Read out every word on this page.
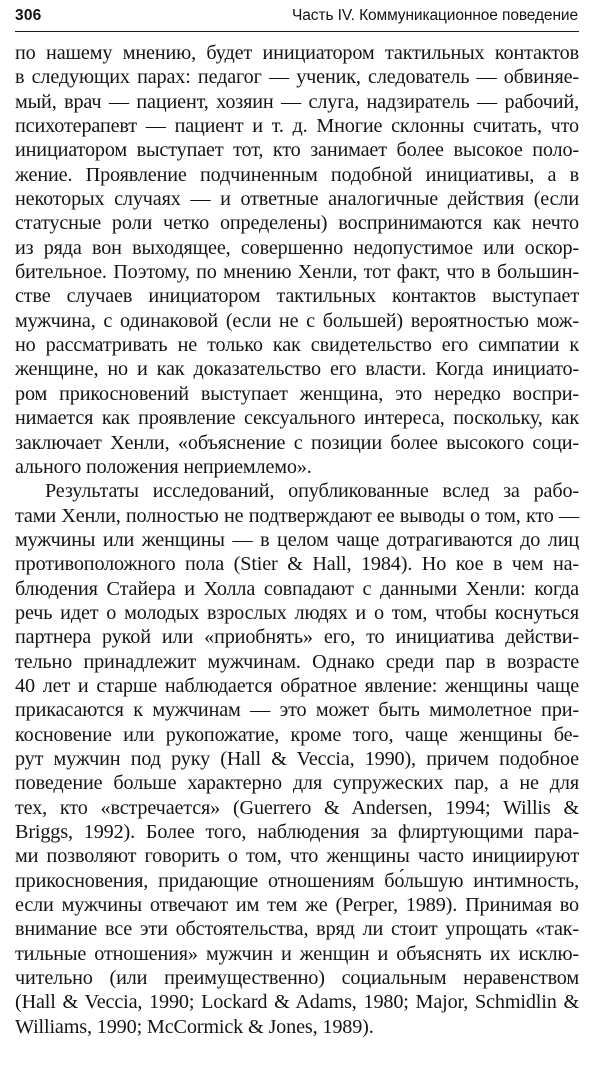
306	Часть IV. Коммуникационное поведение
по нашему мнению, будет инициатором тактильных контактов
в следующих парах: педагог — ученик, следователь — обвиняе-
мый, врач — пациент, хозяин — слуга, надзиратель — рабочий,
психотерапевт — пациент и т. д. Многие склонны считать, что
инициатором выступает тот, кто занимает более высокое поло-
жение. Проявление подчиненным подобной инициативы, а в
некоторых случаях — и ответные аналогичные действия (если
статусные роли четко определены) воспринимаются как нечто
из ряда вон выходящее, совершенно недопустимое или оскор-
бительное. Поэтому, по мнению Хенли, тот факт, что в большин-
стве случаев инициатором тактильных контактов выступает
мужчина, с одинаковой (если не с большей) вероятностью мож-
но рассматривать не только как свидетельство его симпатии к
женщине, но и как доказательство его власти. Когда инициато-
ром прикосновений выступает женщина, это нередко воспри-
нимается как проявление сексуального интереса, поскольку, как
заключает Хенли, «объяснение с позиции более высокого соци-
ального положения неприемлемо».
Результаты исследований, опубликованные вслед за рабо-
тами Хенли, полностью не подтверждают ее выводы о том, кто —
мужчины или женщины — в целом чаще дотрагиваются до лиц
противоположного пола (Stier & Hall, 1984). Но кое в чем на-
блюдения Стайера и Холла совпадают с данными Хенли: когда
речь идет о молодых взрослых людях и о том, чтобы коснуться
партнера рукой или «приобнять» его, то инициатива действи-
тельно принадлежит мужчинам. Однако среди пар в возрасте
40 лет и старше наблюдается обратное явление: женщины чаще
прикасаются к мужчинам — это может быть мимолетное при-
косновение или рукопожатие, кроме того, чаще женщины бе-
рут мужчин под руку (Hall & Veccia, 1990), причем подобное
поведение больше характерно для супружеских пар, а не для
тех, кто «встречается» (Guerrero & Andersen, 1994; Willis &
Briggs, 1992). Более того, наблюдения за флиртующими пара-
ми позволяют говорить о том, что женщины часто инициируют
прикосновения, придающие отношениям бо́льшую интимность,
если мужчины отвечают им тем же (Perper, 1989). Принимая во
внимание все эти обстоятельства, вряд ли стоит упрощать «так-
тильные отношения» мужчин и женщин и объяснять их исклю-
чительно (или преимущественно) социальным неравенством
(Hall & Veccia, 1990; Lockard & Adams, 1980; Major, Schmidlin &
Williams, 1990; McCormick & Jones, 1989).
